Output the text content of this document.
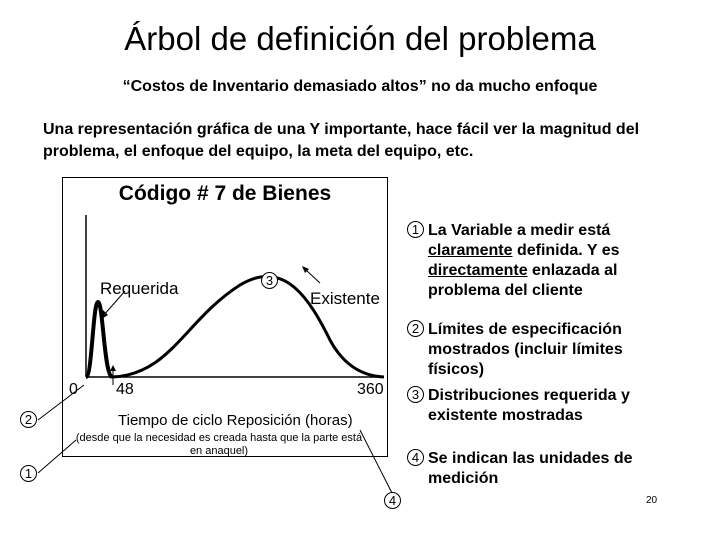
Árbol de definición del problema
“Costos de Inventario demasiado altos” no da mucho enfoque
Una representación gráfica de una Y importante, hace fácil ver la magnitud del problema, el enfoque del equipo, la meta del equipo, etc.
Código # 7 de Bienes
Requerida
Existente
3
0 48	360
Tiempo de ciclo Reposición (horas)
(desde que la necesidad es creada hasta que la parte está en anaquel)
2
1
4
1 La Variable a medir está claramente definida. Y es directamente enlazada al problema del cliente
2 Límites de especificación mostrados (incluir límites físicos)
3 Distribuciones requerida y existente mostradas
4 Se indican las unidades de medición
20
